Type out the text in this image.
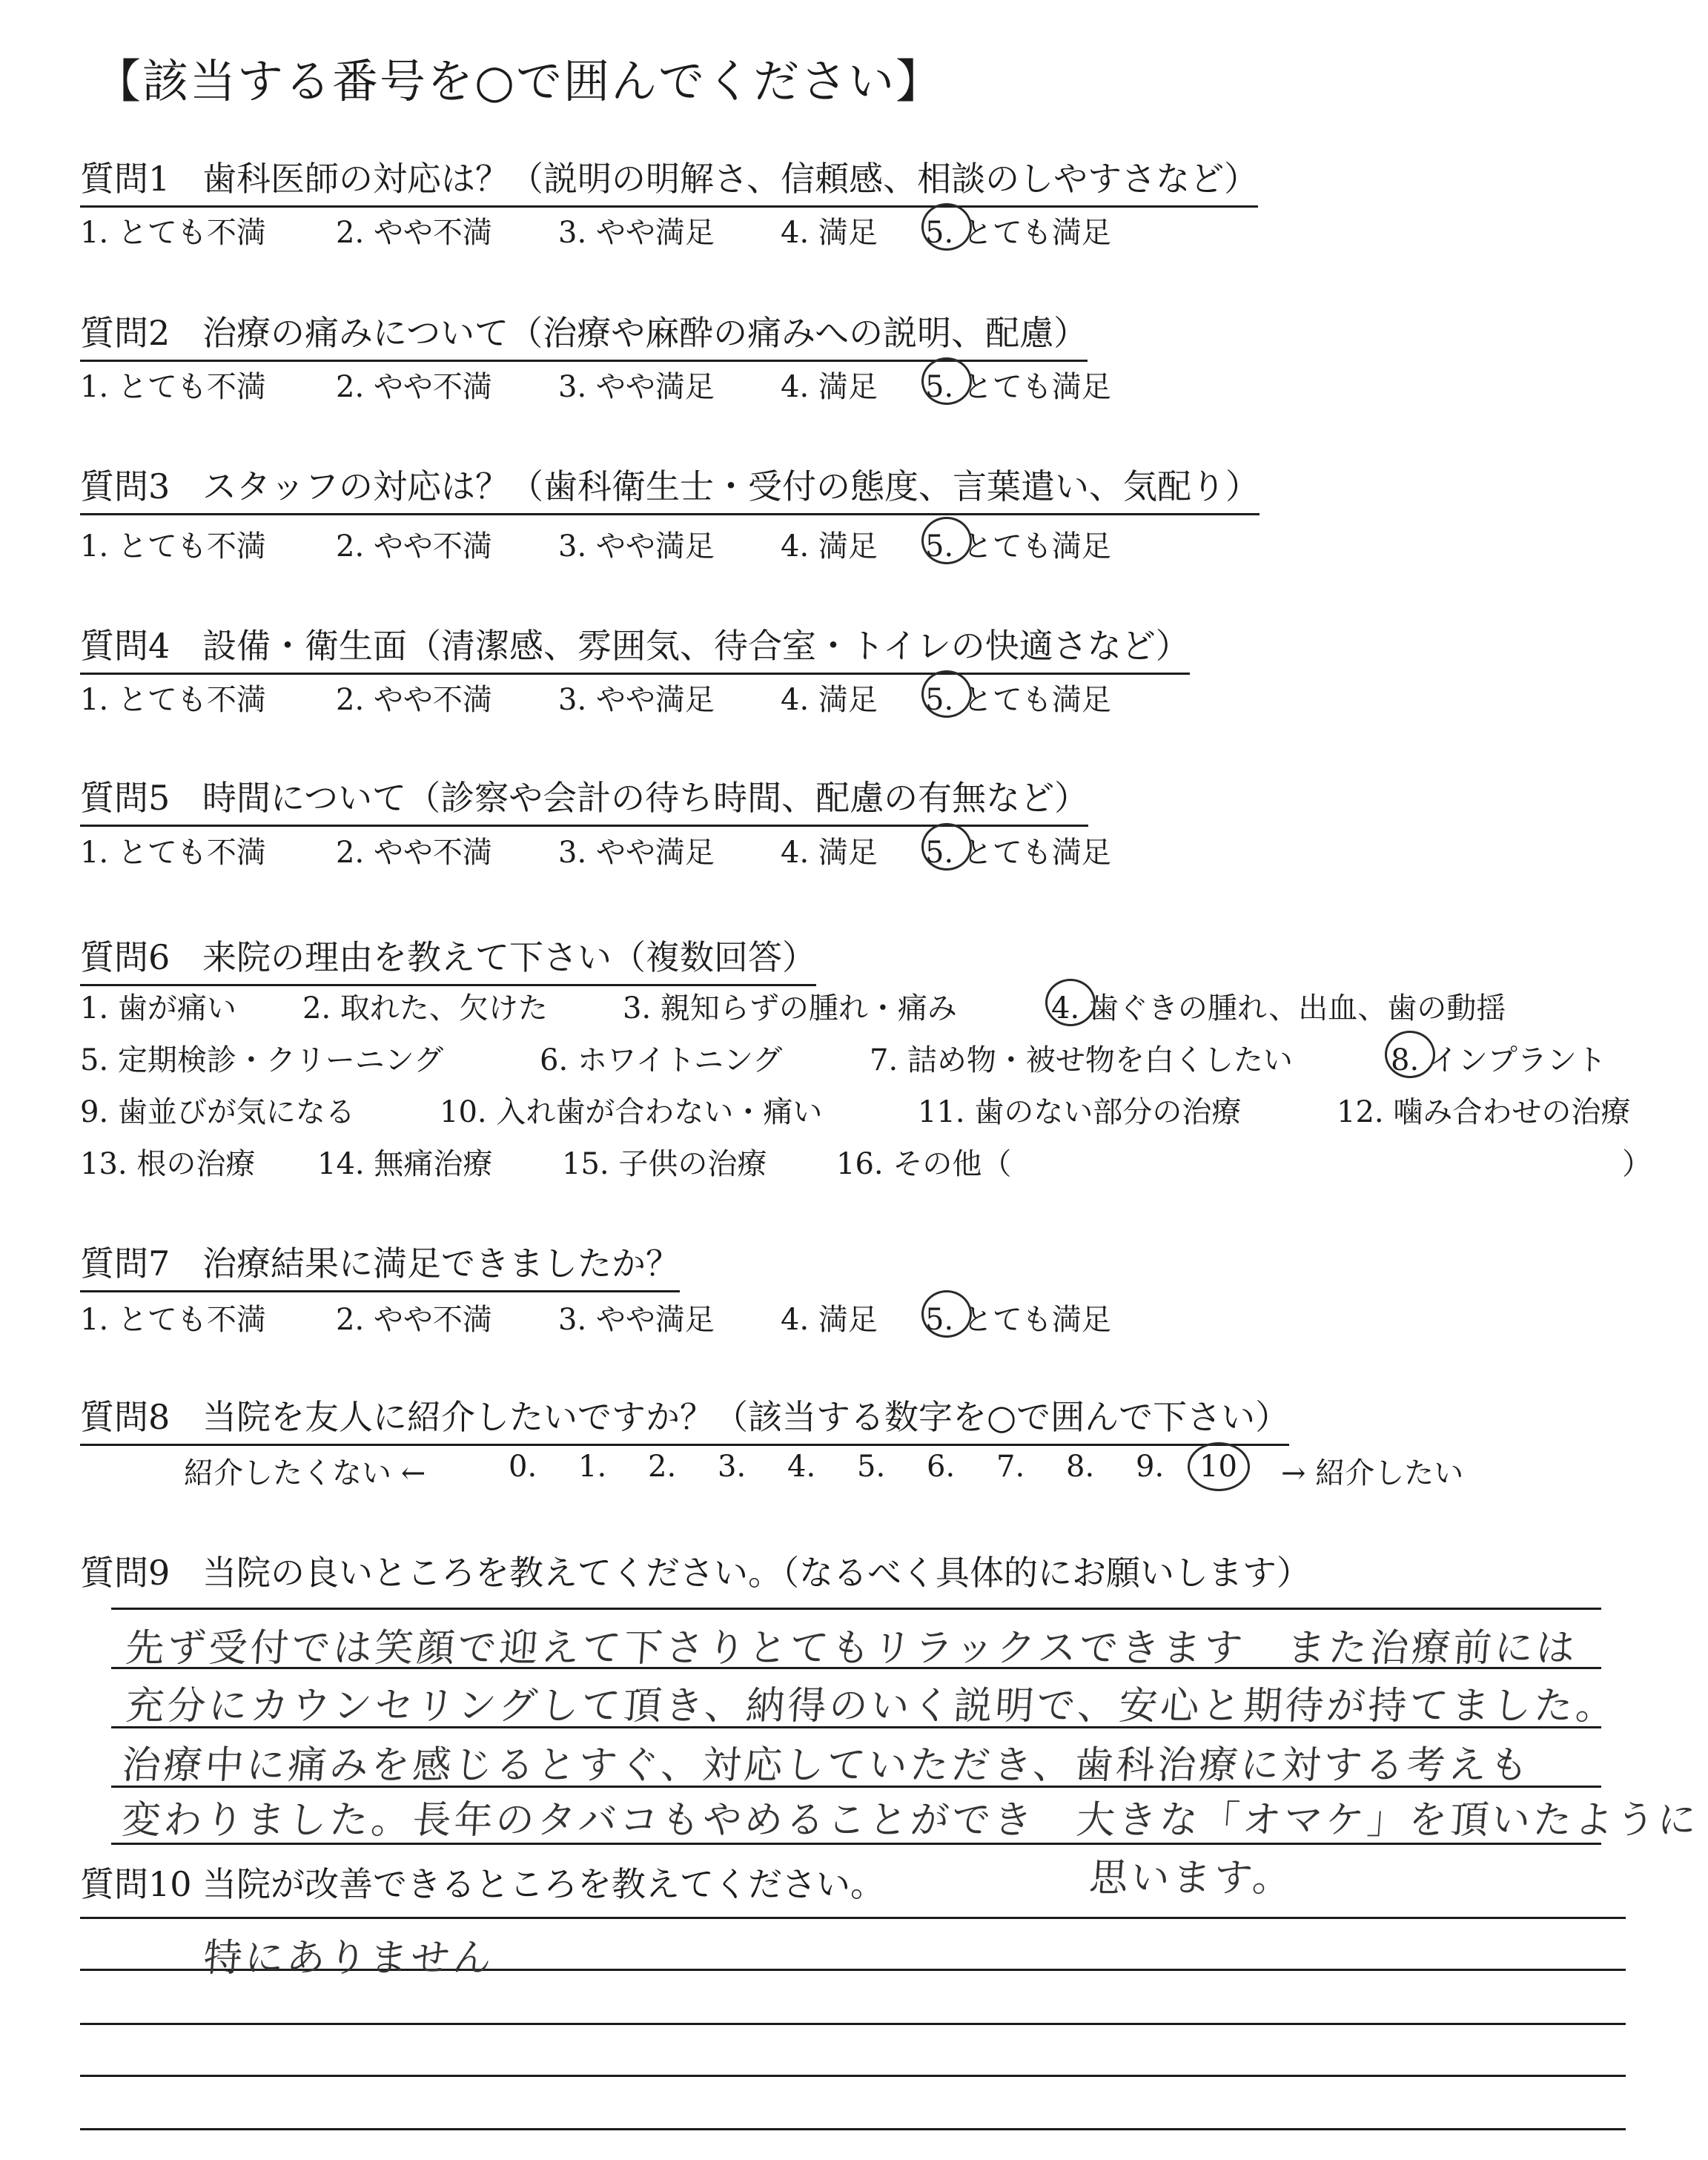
【該当する番号を○で囲んでください】
質問1 歯科医師の対応は？（説明の明解さ、信頼感、相談のしやすさなど）
1. とても不満 2. やや不満 3. やや満足 4. 満足 5. とても満足
質問2 治療の痛みについて（治療や麻酔の痛みへの説明、配慮）
1. とても不満 2. やや不満 3. やや満足 4. 満足 5. とても満足
質問3 スタッフの対応は？（歯科衛生士・受付の態度、言葉遣い、気配り）
1. とても不満 2. やや不満 3. やや満足 4. 満足 5. とても満足
質問4 設備・衛生面（清潔感、雰囲気、待合室・トイレの快適さなど）
1. とても不満 2. やや不満 3. やや満足 4. 満足 5. とても満足
質問5 時間について（診察や会計の待ち時間、配慮の有無など）
1. とても不満 2. やや不満 3. やや満足 4. 満足 5. とても満足
質問6 来院の理由を教えて下さい（複数回答）
1. 歯が痛い 2. 取れた、欠けた	3. 親知らずの腫れ・痛み	4. 歯ぐきの腫れ、出血、歯の動揺
5. 定期検診・クリーニング	6. ホワイトニング	7. 詰め物・被せ物を白くしたい	8. インプラント
9. 歯並びが気になる	10. 入れ歯が合わない・痛い	11. 歯のない部分の治療	12. 噛み合わせの治療
13. 根の治療 14. 無痛治療 15. 子供の治療 16. その他（	）
質問7 治療結果に満足できましたか？
1. とても不満 2. やや不満 3. やや満足 4. 満足 5. とても満足
質問8 当院を友人に紹介したいですか？（該当する数字を○で囲んで下さい）
紹介したくない ←	0. 1. 2. 3. 4. 5. 6. 7. 8. 9. 10 → 紹介したい
質問9 当院の良いところを教えてください。（なるべく具体的にお願いします）
先ず受付では笑顔で迎えて下さりとてもリラックスできます　また治療前には
充分にカウンセリングして頂き、納得のいく説明で、安心と期待が持てました。
治療中に痛みを感じるとすぐ、対応していただき、歯科治療に対する考えも
変わりました。長年のタバコもやめることができ　大きな「オマケ」を頂いたように
思います。
質問10 当院が改善できるところを教えてください。
特にありません
